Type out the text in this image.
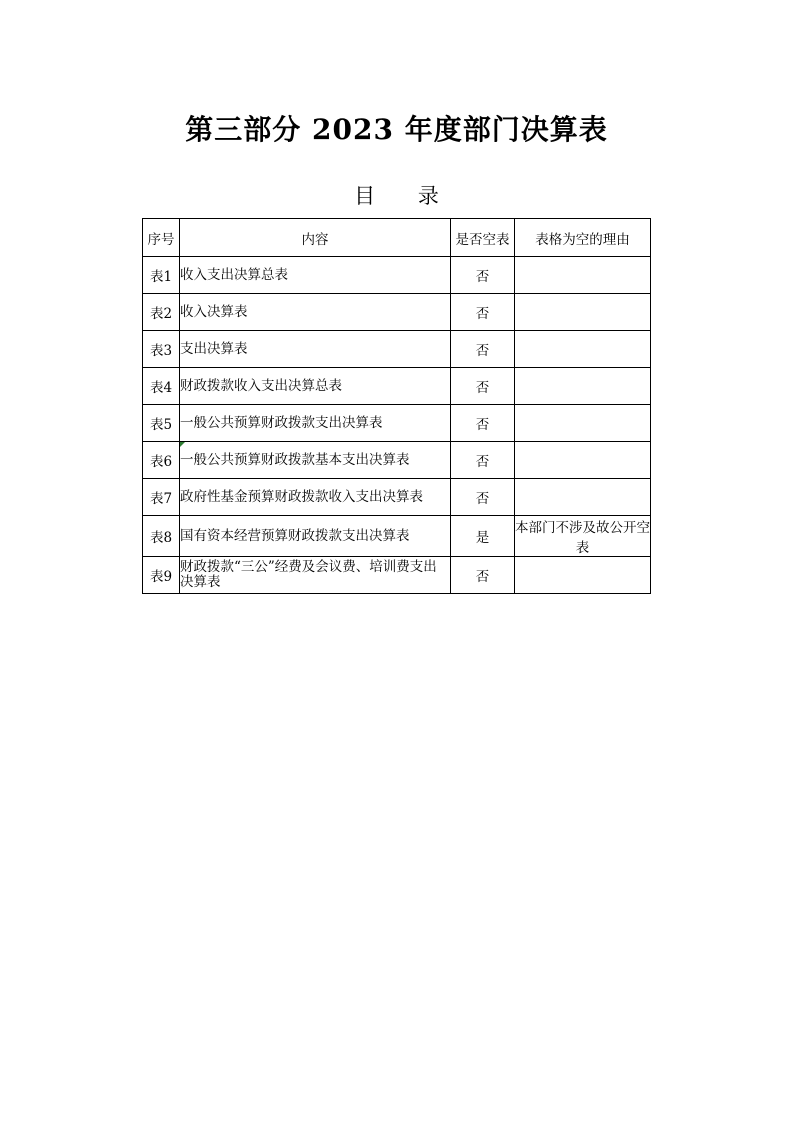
第三部分 2023 年度部门决算表
目 录
序号	内容	是否空表	表格为空的理由
表1	收入支出决算总表	否	
表2	收入决算表	否	
表3	支出决算表	否	
表4	财政拨款收入支出决算总表	否	
表5	一般公共预算财政拨款支出决算表	否	
表6	一般公共预算财政拨款基本支出决算表	否	
表7	政府性基金预算财政拨款收入支出决算表	否	
表8	国有资本经营预算财政拨款支出决算表	是	本部门不涉及故公开空表
表9	财政拨款“三公”经费及会议费、培训费支出决算表	否	
